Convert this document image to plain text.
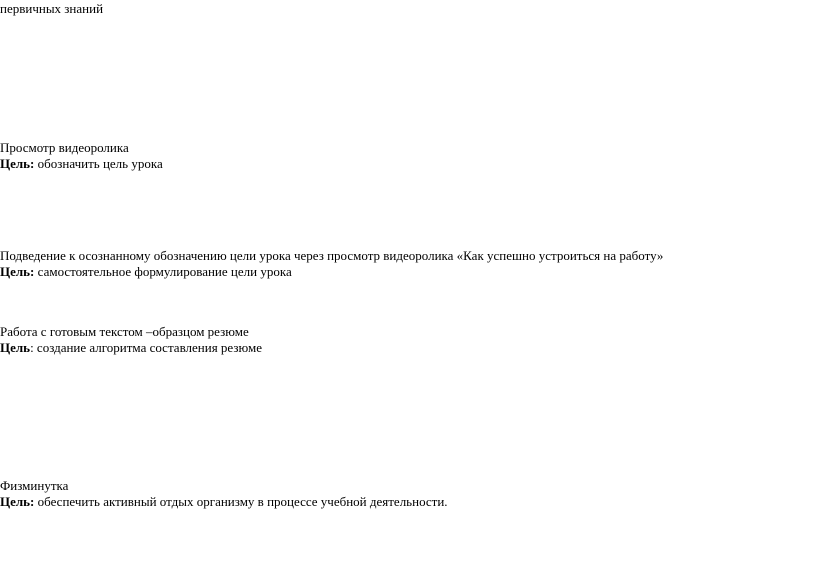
первичных знаний
Просмотр видеоролика
Цель: обозначить цель урока
Подведение к осознанному обозначению цели урока через просмотр видеоролика «Как успешно устроиться на работу»
Цель: самостоятельное формулирование цели урока
Работа с готовым текстом –образцом резюме
Цель: создание алгоритма составления резюме
Физминутка
Цель: обеспечить активный отдых организму в процессе учебной деятельности.
